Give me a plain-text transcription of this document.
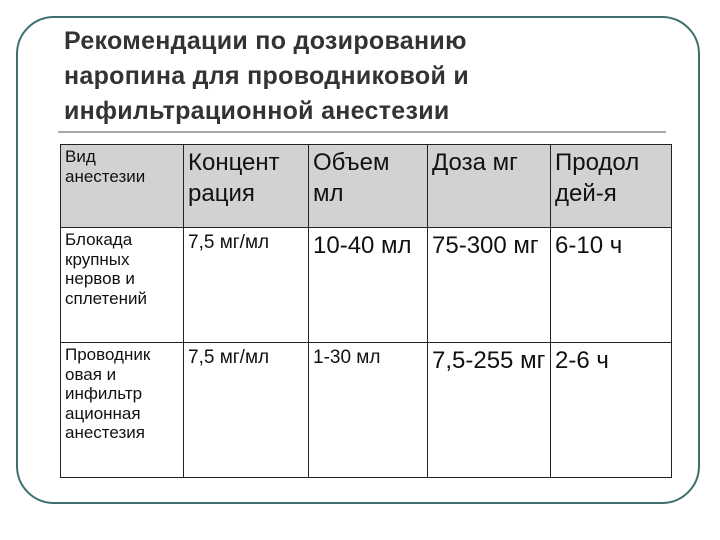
Рекомендации по дозированию
наропина для проводниковой и
инфильтрационной анестезии
Вид анестезии	Концент рация	Объем мл	Доза мг	Продол дей-я
Блокада крупных нервов и сплетений	7,5 мг/мл	10-40 мл	75-300 мг	6-10 ч
Проводник овая и инфильтр ационная анестезия	7,5 мг/мл	1-30 мл	7,5-255 мг	2-6 ч
